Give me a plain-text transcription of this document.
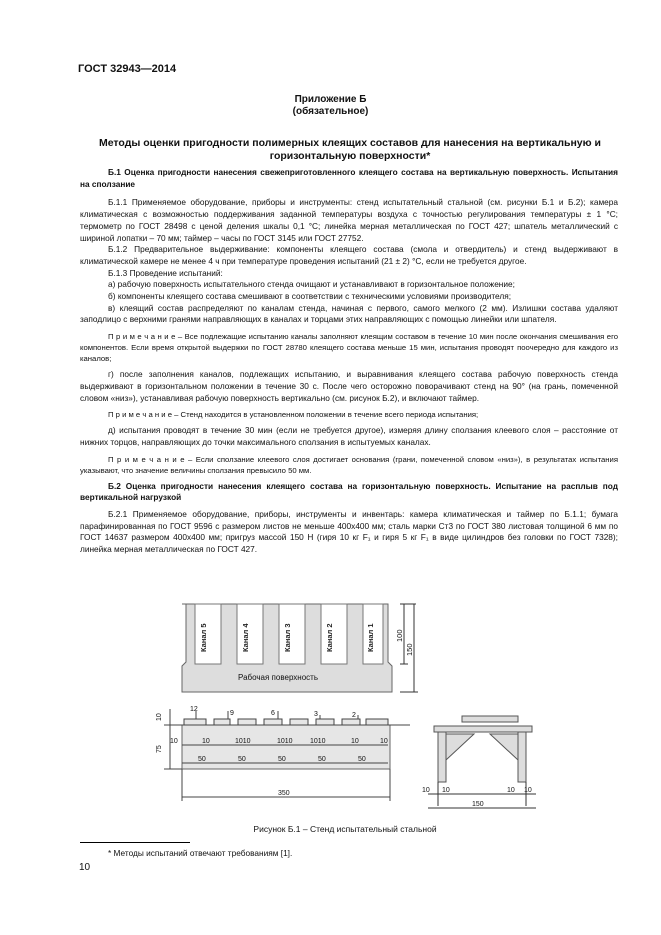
ГОСТ 32943—2014
Приложение Б
(обязательное)
Методы оценки пригодности полимерных клеящих составов для нанесения на вертикальную и горизонтальную поверхности*

Б.1 Оценка пригодности нанесения свежеприготовленного клеящего состава на вертикальную поверхность. Испытания на сползание

Б.1.1 Применяемое оборудование, приборы и инструменты: стенд испытательный стальной (см. рисунки Б.1 и Б.2); камера климатическая с возможностью поддерживания заданной температуры воздуха с точностью регулирования температуры ± 1 °С; термометр по ГОСТ 28498 с ценой деления шкалы 0,1 °С; линейка мерная металлическая по ГОСТ 427; шпатель металлический с шириной лопатки – 70 мм; таймер – часы по ГОСТ 3145 или ГОСТ 27752.

Б.1.2 Предварительное выдерживание: компоненты клеящего состава (смола и отвердитель) и стенд выдерживают в климатической камере не менее 4 ч при температуре проведения испытаний (21 ± 2) °С, если не требуется другое.

Б.1.3 Проведение испытаний:

а) рабочую поверхность испытательного стенда очищают и устанавливают в горизонтальное положение;

б) компоненты клеящего состава смешивают в соответствии с техническими условиями производителя;

в) клеящий состав распределяют по каналам стенда, начиная с первого, самого мелкого (2 мм). Излишки состава удаляют заподлицо с верхними гранями направляющих в каналах и торцами этих направляющих с помощью линейки или шпателя.

П р и м е ч а н и е – Все подлежащие испытанию каналы заполняют клеящим составом в течение 10 мин после окончания смешивания его компонентов. Если время открытой выдержки по ГОСТ 28780 клеящего состава меньше 15 мин, испытания проводят поочередно для каждого из каналов;

г) после заполнения каналов, подлежащих испытанию, и выравнивания клеящего состава рабочую поверхность стенда выдерживают в горизонтальном положении в течение 30 с. После чего осторожно поворачивают стенд на 90° (на грань, помеченной словом «низ»), устанавливая рабочую поверхность вертикально (см. рисунок Б.2), и включают таймер.

П р и м е ч а н и е – Стенд находится в установленном положении в течение всего периода испытания;

д) испытания проводят в течение 30 мин (если не требуется другое), измеряя длину сползания клеевого слоя – расстояние от нижних торцов, направляющих до точки максимального сползания в испытуемых каналах.

П р и м е ч а н и е – Если сползание клеевого слоя достигает основания (грани, помеченной словом «низ»), в результатах испытания указывают, что значение величины сползания превысило 50 мм.

Б.2 Оценка пригодности нанесения клеящего состава на горизонтальную поверхность. Испытание на расплыв под вертикальной нагрузкой

Б.2.1 Применяемое оборудование, приборы, инструменты и инвентарь: камера климатическая и таймер по Б.1.1; бумага парафинированная по ГОСТ 9596 с размером листов не меньше 400х400 мм; сталь марки Ст3 по ГОСТ 380 листовая толщиной 6 мм по ГОСТ 14637 размером 400х400 мм; пригруз массой 150 Н (гиря 10 кг F₁ и гиря 5 кг F₁ в виде цилиндров без головки по ГОСТ 7328); линейка мерная металлическая по ГОСТ 427.

Канал 5	Канал 4	Канал 3	Канал 2	Канал 1
Рабочая поверхность
100
150
10
75
10	10	1010	1010 1010	10	10
50	50	50	50	50
350
12
9	6	3	2
10 10	10 10
150
Рисунок Б.1 – Стенд испытательный стальной
* Методы испытаний отвечают требованиям [1].
10
